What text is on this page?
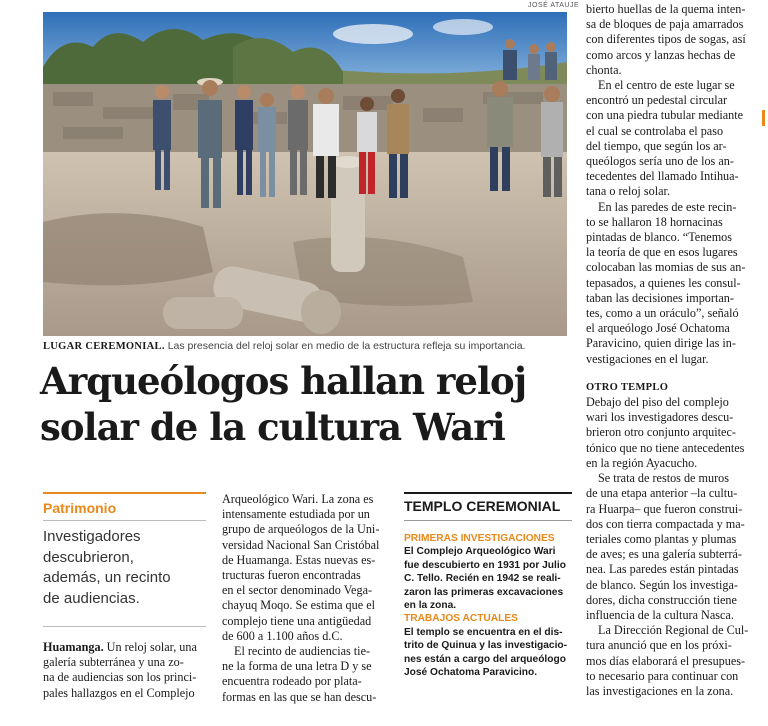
JOSÉ ATAUJE
LUGAR CEREMONIAL. Las presencia del reloj solar en medio de la estructura refleja su importancia.
Arqueólogos hallan reloj
solar de la cultura Wari
Patrimonio
Investigadores
descubrieron,
además, un recinto
de audiencias.

Huamanga. Un reloj solar, una

galería subterránea y una zo-

na de audiencias son los princi-

pales hallazgos en el Complejo

Arqueológico Wari. La zona es

intensamente estudiada por un

grupo de arqueólogos de la Uni-

versidad Nacional San Cristóbal

de Huamanga. Estas nuevas es-

tructuras fueron encontradas

en el sector denominado Vega-

chayuq Moqo. Se estima que el

complejo tiene una antigüedad

de 600 a 1.100 años d.C.

El recinto de audiencias tie-

ne la forma de una letra D y se

encuentra rodeado por plata-

formas en las que se han descu-

TEMPLO CEREMONIAL

PRIMERAS INVESTIGACIONES

El Complejo Arqueológico Wari

fue descubierto en 1931 por Julio

C. Tello. Recién en 1942 se reali-

zaron las primeras excavaciones

en la zona.

TRABAJOS ACTUALES

El templo se encuentra en el dis-

trito de Quinua y las investigacio-

nes están a cargo del arqueólogo

José Ochatoma Paravicino.

bierto huellas de la quema inten-

sa de bloques de paja amarrados

con diferentes tipos de sogas, así

como arcos y lanzas hechas de

chonta.

En el centro de este lugar se

encontró un pedestal circular

con una piedra tubular mediante

el cual se controlaba el paso

del tiempo, que según los ar-

queólogos sería uno de los an-

tecedentes del llamado Intihua-

tana o reloj solar.

En las paredes de este recin-

to se hallaron 18 hornacinas

pintadas de blanco. “Tenemos

la teoría de que en esos lugares

colocaban las momias de sus an-

tepasados, a quienes les consul-

taban las decisiones importan-

tes, como a un oráculo”, señaló

el arqueólogo José Ochatoma

Paravicino, quien dirige las in-

vestigaciones en el lugar.

OTRO TEMPLO

Debajo del piso del complejo

wari los investigadores descu-

brieron otro conjunto arquitec-

tónico que no tiene antecedentes

en la región Ayacucho.

Se trata de restos de muros

de una etapa anterior –la cultu-

ra Huarpa– que fueron construi-

dos con tierra compactada y ma-

teriales como plantas y plumas

de aves; es una galería subterrá-

nea. Las paredes están pintadas

de blanco. Según los investiga-

dores, dicha construcción tiene

influencia de la cultura Nasca.

La Dirección Regional de Cul-

tura anunció que en los próxi-

mos días elaborará el presupues-

to necesario para continuar con

las investigaciones en la zona.
